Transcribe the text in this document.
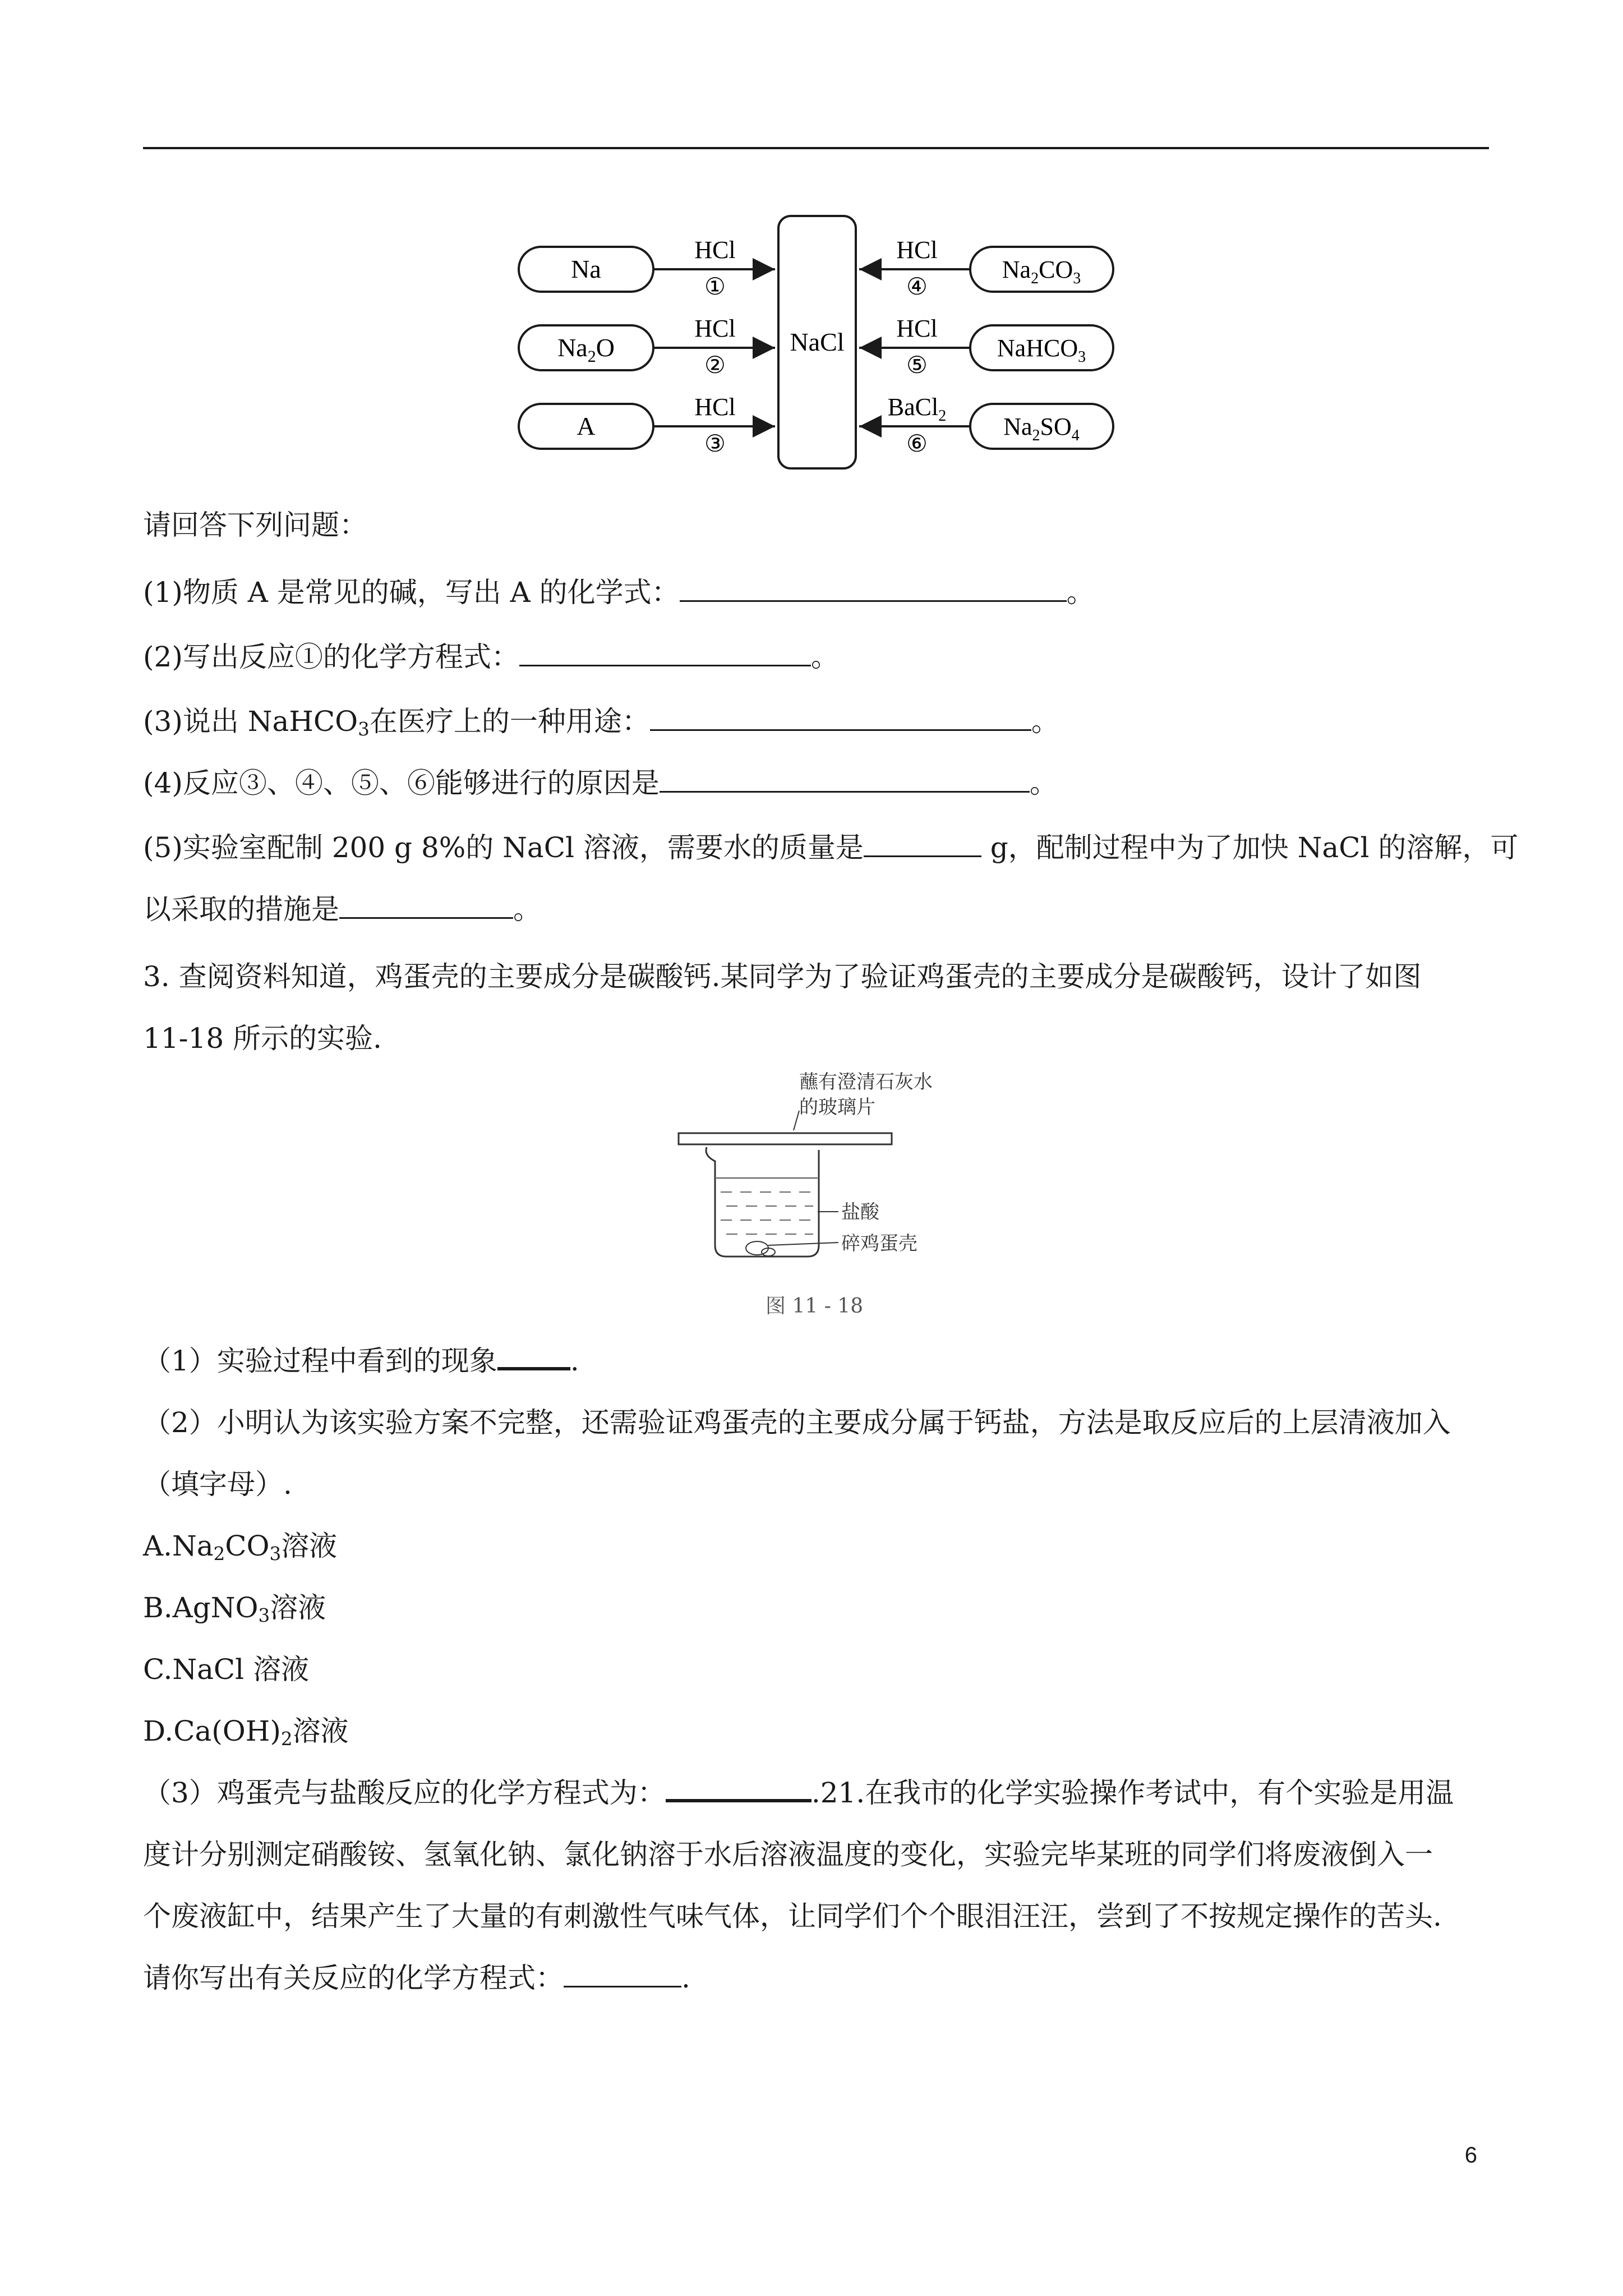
NaCl
Na
HCl
①
$Na_2O$
HCl
②
A
HCl
③
$Na_2CO_3$
HCl
④
NaHCO$_3$
HCl
⑤
$Na_2SO_4$
BaCl$_2$
⑥
请回答下列问题：
(1)物质 A 是常见的碱，写出 A 的化学式：	。
(2)写出反应①的化学方程式：	。
(3)说出 NaHCO$_3$在医疗上的一种用途：	。
(4)反应③、④、⑤、⑥能够进行的原因是	。
(5)实验室配制 200 g 8%的 NaCl 溶液，需要水的质量是	g，配制过程中为了加快 NaCl 的溶解，可
以采取的措施是	。
3. 查阅资料知道，鸡蛋壳的主要成分是碳酸钙.某同学为了验证鸡蛋壳的主要成分是碳酸钙，设计了如图
11-18 所示的实验.
蘸有澄清石灰水
的玻璃片
盐酸
碎鸡蛋壳
图 11 - 18
（1）实验过程中看到的现象	.
（2）小明认为该实验方案不完整，还需验证鸡蛋壳的主要成分属于钙盐，方法是取反应后的上层清液加入
（填字母）.
$A.Na_2CO_3$溶液
B.AgNO$_3$溶液
C.NaCl 溶液
$D.Ca(OH)_2$溶液
（3）鸡蛋壳与盐酸反应的化学方程式为：	.21.在我市的化学实验操作考试中，有个实验是用温
度计分别测定硝酸铵、氢氧化钠、氯化钠溶于水后溶液温度的变化，实验完毕某班的同学们将废液倒入一
个废液缸中，结果产生了大量的有刺激性气味气体，让同学们个个眼泪汪汪，尝到了不按规定操作的苦头.
请你写出有关反应的化学方程式：	.
6
